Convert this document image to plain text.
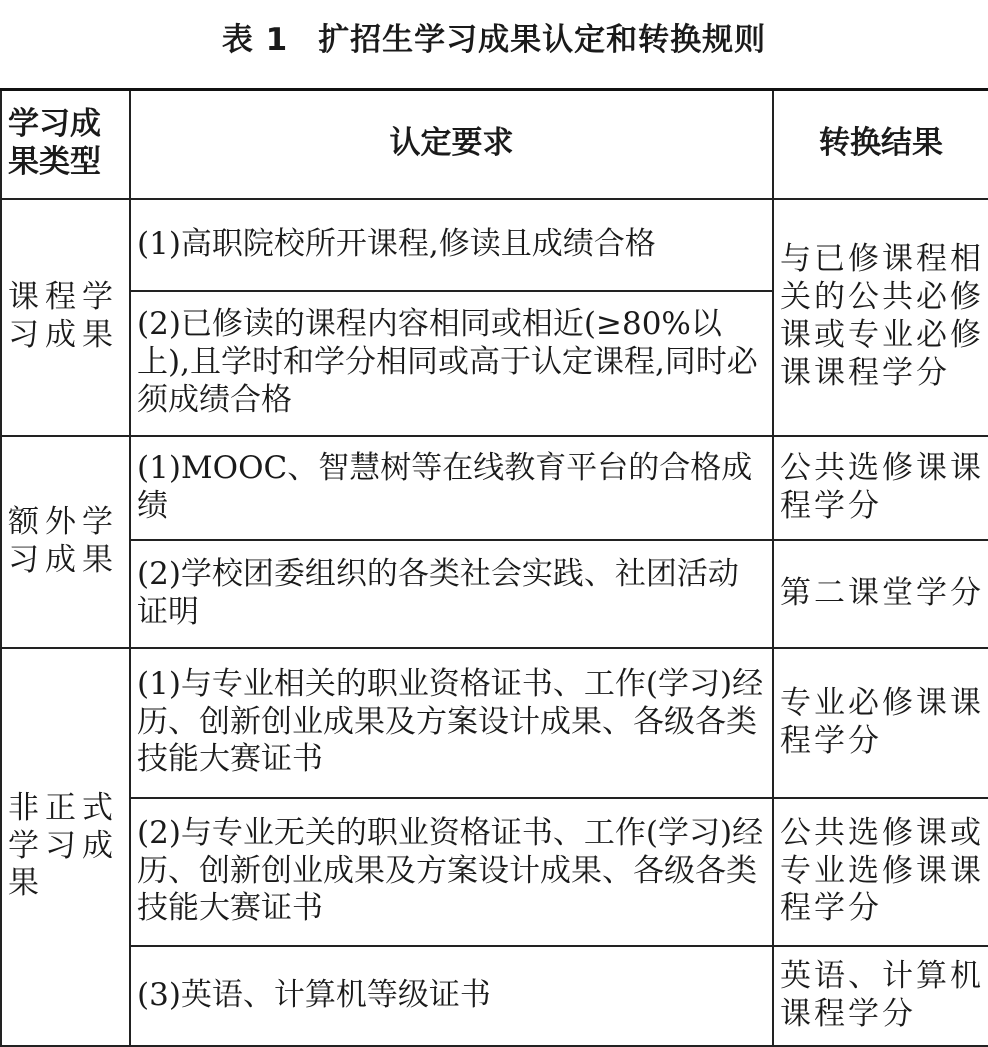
表 1 扩招生学习成果认定和转换规则
学习成果类型	认定要求	转换结果
课程学习成果	(1)高职院校所开课程,修读且成绩合格	与已修课程相关的公共必修课或专业必修课课程学分
	(2)已修读的课程内容相同或相近(≥80%以上),且学时和学分相同或高于认定课程,同时必须成绩合格	
额外学习成果	(1)MOOC、智慧树等在线教育平台的合格成绩	公共选修课课程学分
	(2)学校团委组织的各类社会实践、社团活动证明	第二课堂学分
非正式学习成果	(1)与专业相关的职业资格证书、工作(学习)经历、创新创业成果及方案设计成果、各级各类技能大赛证书	专业必修课课程学分
	(2)与专业无关的职业资格证书、工作(学习)经历、创新创业成果及方案设计成果、各级各类技能大赛证书	公共选修课或专业选修课课程学分
	(3)英语、计算机等级证书	英语、计算机课程学分
